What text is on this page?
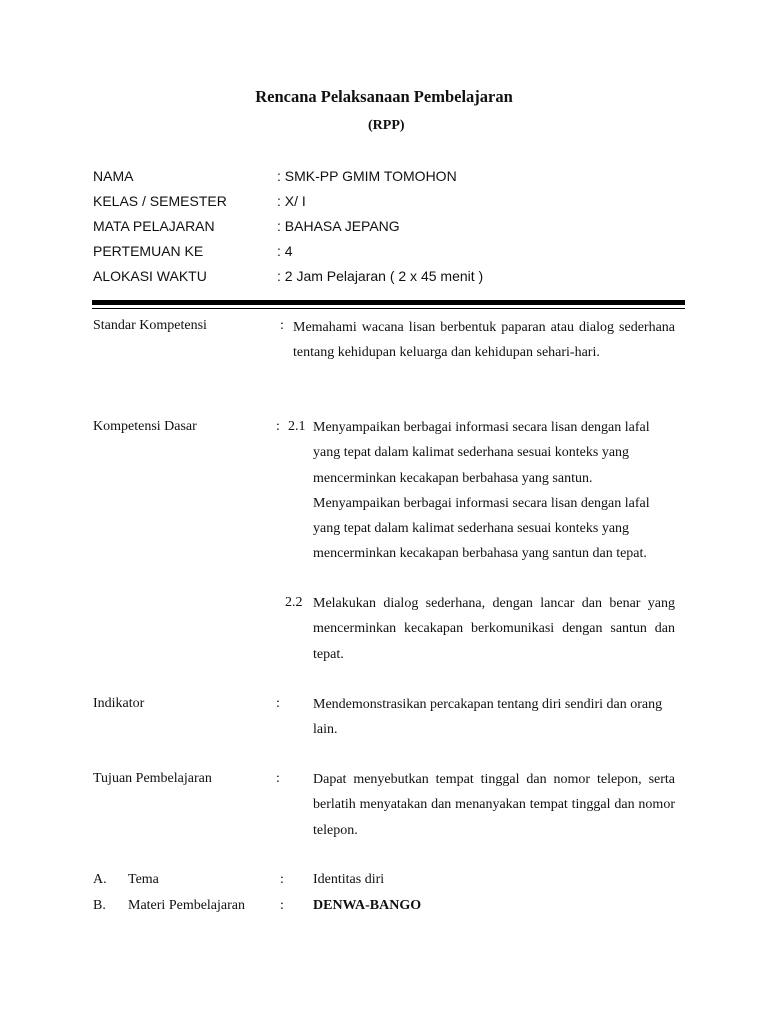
Rencana Pelaksanaan Pembelajaran
(RPP)
NAMA	: SMK-PP GMIM TOMOHON
KELAS / SEMESTER	: X/ I
MATA PELAJARAN	: BAHASA JEPANG
PERTEMUAN KE	: 4
ALOKASI WAKTU	: 2 Jam Pelajaran ( 2 x 45 menit )
Standar Kompetensi	: Memahami wacana lisan berbentuk paparan atau dialog sederhana tentang kehidupan keluarga dan kehidupan sehari-hari.
Kompetensi Dasar	: 2.1 Menyampaikan berbagai informasi secara lisan dengan lafal yang tepat dalam kalimat sederhana sesuai konteks yang mencerminkan kecakapan berbahasa yang santun. Menyampaikan berbagai informasi secara lisan dengan lafal yang tepat dalam kalimat sederhana sesuai konteks yang mencerminkan kecakapan berbahasa yang santun dan tepat.
2.2 Melakukan dialog sederhana, dengan lancar dan benar yang mencerminkan kecakapan berkomunikasi dengan santun dan tepat.
Indikator	: Mendemonstrasikan percakapan tentang diri sendiri dan orang lain.
Tujuan Pembelajaran	: Dapat menyebutkan tempat tinggal dan nomor telepon, serta berlatih menyatakan dan menanyakan tempat tinggal dan nomor telepon.
A. Tema	: Identitas diri
B. Materi Pembelajaran : DENWA-BANGO
